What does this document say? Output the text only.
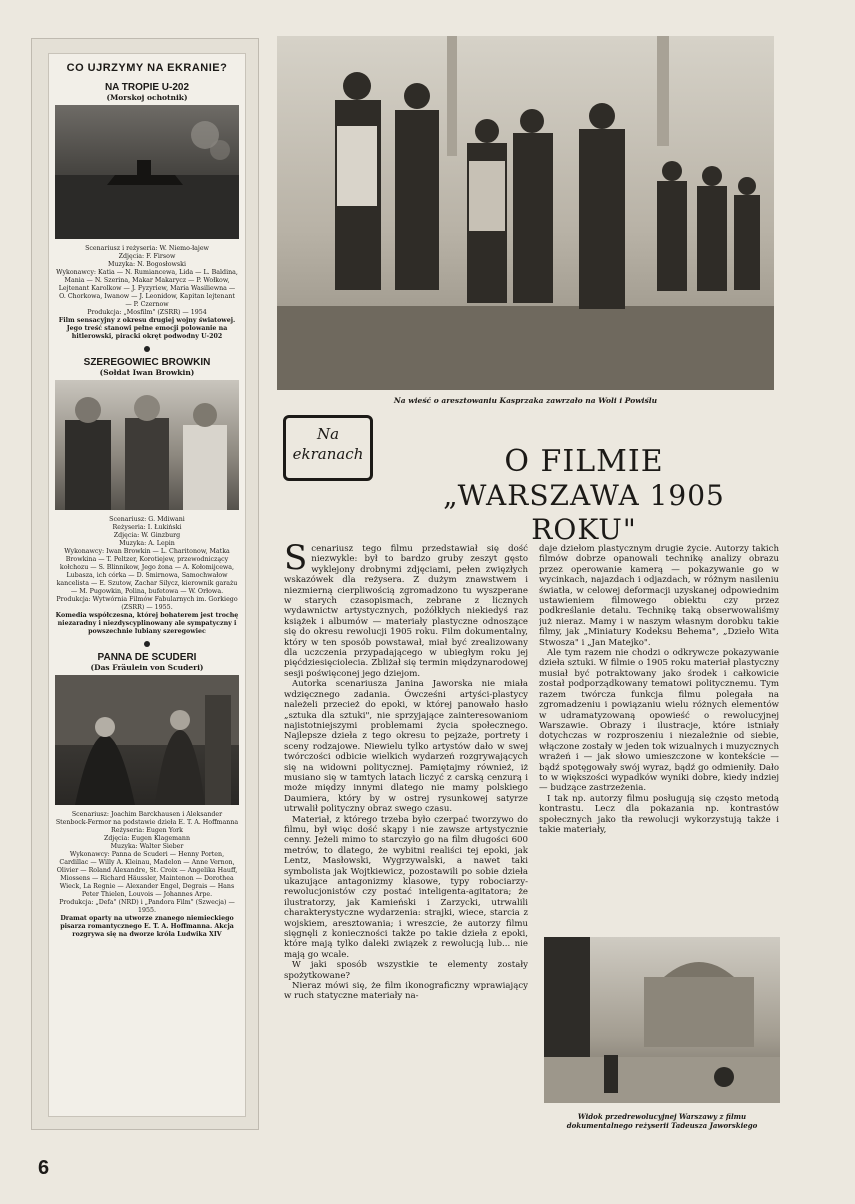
CO UJRZYMY NA EKRANIE?

NA TROPIE U-202

(Morskoj ochotnik)

Scenariusz i reżyseria: W. Niemo-łajew

Zdjęcia: F. Firsow

Muzyka: N. Bogosłowski

Wykonawcy: Katia — N. Rumiancewa, Lida — L. Baldina, Mania — N. Szerina, Makar Makarycz — P. Wołkow, Lejtenant Karolkow — J. Fyzyriew, Maria Wasiliewna — O. Chorkowa, Iwanow — J. Leonidow, Kapitan lejtenant — P. Czernow

Produkcja: „Mosfilm" (ZSRR) — 1954

Film sensacyjny z okresu drugiej wojny światowej. Jego treść stanowi pełne emocji polowanie na hitlerowski, piracki okręt podwodny U-202

SZEREGOWIEC BROWKIN

(Sołdat Iwan Browkin)

Scenariusz: G. Mdiwani

Reżyseria: I. Łukiński

Zdjęcia: W. Ginzburg

Muzyka: A. Lepin

Wykonawcy: Iwan Browkin — L. Charitonow, Matka Browkina — T. Peltzer, Korotiejew, przewodniczący kołchozu — S. Blinnikow, Jego żona — A. Kołomijcewa, Lubasza, ich córka — D. Smirnowa, Samochwałow kancelista — E. Szutow, Zachar Silycz, kierownik garażu — M. Pugowkin, Polina, bufetowa — W. Orłowa.

Produkcja: Wytwórnia Filmów Fabularnych im. Gorkiego (ZSRR) — 1955.

Komedia współczesna, której bohaterem jest trochę niezaradny i niezdyscyplinowany ale sympatyczny i powszechnie lubiany szeregowiec

PANNA DE SCUDERI

(Das Fräulein von Scuderi)

Scenariusz: Joachim Barckhausen i Aleksander Stenbock-Fermor na podstawie dzieła E. T. A. Hoffmanna

Reżyseria: Eugen York

Zdjęcia: Eugen Klagemann

Muzyka: Walter Sieber

Wykonawcy: Panna de Scuderi — Henny Porten, Cardillac — Willy A. Kleinau, Madelon — Anne Vernon, Olivier — Roland Alexandre, St. Croix — Angelika Hauff, Miossens — Richard Häussler, Maintenon — Dorothea Wieck, La Regnie — Alexander Engel, Degrais — Hans Peter Thielen, Louvois — Johannes Arpe.

Produkcja: „Defa" (NRD) i „Pandora Film" (Szwecja) — 1955.

Dramat oparty na utworze znanego niemieckiego pisarza romantycznego E. T. A. Hoffmanna. Akcja rozgrywa się na dworze króla Ludwika XIV

Na wieść o aresztowaniu Kasprzaka zawrzało na Woli i Powiślu

Na

ekranach	O FILMIE

„WARSZAWA 1905 ROKU"

Scenariusz tego filmu przedstawiał się dość niezwykle: był to bardzo gruby zeszyt gęsto wyklejony drobnymi zdjęciami, pełen zwięzłych wskazówek dla reżysera. Z dużym znawstwem i niezmierną cierpliwością zgromadzono tu wyszperane w starych czasopismach, zebrane z licznych wydawnictw artystycznych, poźółkłych niekiedyś raz książek i albumów — materiały plastyczne odnoszące się do okresu rewolucji 1905 roku. Film dokumentalny, który w ten sposób powstawał, miał być zrealizowany dla uczczenia przypadającego w ubiegłym roku jej pięćdziesięciolecia. Zbliżał się termin międzynarodowej sesji poświęconej jego dziejom.

Autorka scenariusza Janina Jaworska nie miała wdzięcznego zadania. Ówcześni artyści-plastycy należeli przecież do epoki, w której panowało hasło „sztuka dla sztuki", nie sprzyjające zainteresowaniom najistotniejszymi problemami życia społecznego. Najlepsze dzieła z tego okresu to pejzaże, portrety i sceny rodzajowe. Niewielu tylko artystów dało w swej twórczości odbicie wielkich wydarzeń rozgrywających się na widowni politycznej. Pamiętajmy również, iż musiano się w tamtych latach liczyć z carską cenzurą i może między innymi dlatego nie mamy polskiego Daumiera, który by w ostrej rysunkowej satyrze utrwalił polityczny obraz swego czasu.

Materiał, z którego trzeba było czerpać tworzywo do filmu, był więc dość skąpy i nie zawsze artystycznie cenny. Jeżeli mimo to starczyło go na film długości 600 metrów, to dlatego, że wybitni realiści tej epoki, jak Lentz, Masłowski, Wygrzywalski, a nawet taki symbolista jak Wojtkiewicz, pozostawili po sobie dzieła ukazujące antagonizmy klasowe, typy robociarzy-rewolucjonistów czy postać inteligenta-agitatora; że ilustratorzy, jak Kamieński i Zarzycki, utrwalili charakterystyczne wydarzenia: strajki, wiece, starcia z wojskiem, aresztowania; i wreszcie, że autorzy filmu sięgnęli z konieczności także po takie dzieła z epoki, które mają tylko daleki związek z rewolucją lub... nie mają go wcale.

W jaki sposób wszystkie te elementy zostały spożytkowane?

Nieraz mówi się, że film ikonograficzny wprawiający w ruch statyczne materiały na-

daje dziełom plastycznym drugie życie. Autorzy takich filmów dobrze opanowali technikę analizy obrazu przez operowanie kamerą — pokazywanie go w wycinkach, najazdach i odjazdach, w różnym nasileniu światła, w celowej deformacji uzyskanej odpowiednim ustawieniem filmowego obiektu czy przez podkreślanie detalu. Technikę taką obserwowaliśmy już nieraz. Mamy i w naszym własnym dorobku takie filmy, jak „Miniatury Kodeksu Behema", „Dzieło Wita Stwosza" i „Jan Matejko".

Ale tym razem nie chodzi o odkrywcze pokazywanie dzieła sztuki. W filmie o 1905 roku materiał plastyczny musiał być potraktowany jako środek i całkowicie został podporządkowany tematowi politycznemu. Tym razem twórcza funkcja filmu polegała na zgromadzeniu i powiązaniu wielu różnych elementów w udramatyzowaną opowieść o rewolucyjnej Warszawie. Obrazy i ilustracje, które istniały dotychczas w rozproszeniu i niezależnie od siebie, włączone zostały w jeden tok wizualnych i muzycznych wrażeń i — jak słowo umieszczone w kontekście — bądź spotęgowały swój wyraz, bądź go odmieniły. Dało to w większości wypadków wyniki dobre, kiedy indziej — budzące zastrzeżenia.

I tak np. autorzy filmu posługują się często metodą kontrastu. Lecz dla pokazania np. kontrastów społecznych jako tła rewolucji wykorzystują także i takie materiały,

Widok przedrewolucyjnej Warszawy z filmu dokumentalnego reżyserii Tadeusza Jaworskiego

6
